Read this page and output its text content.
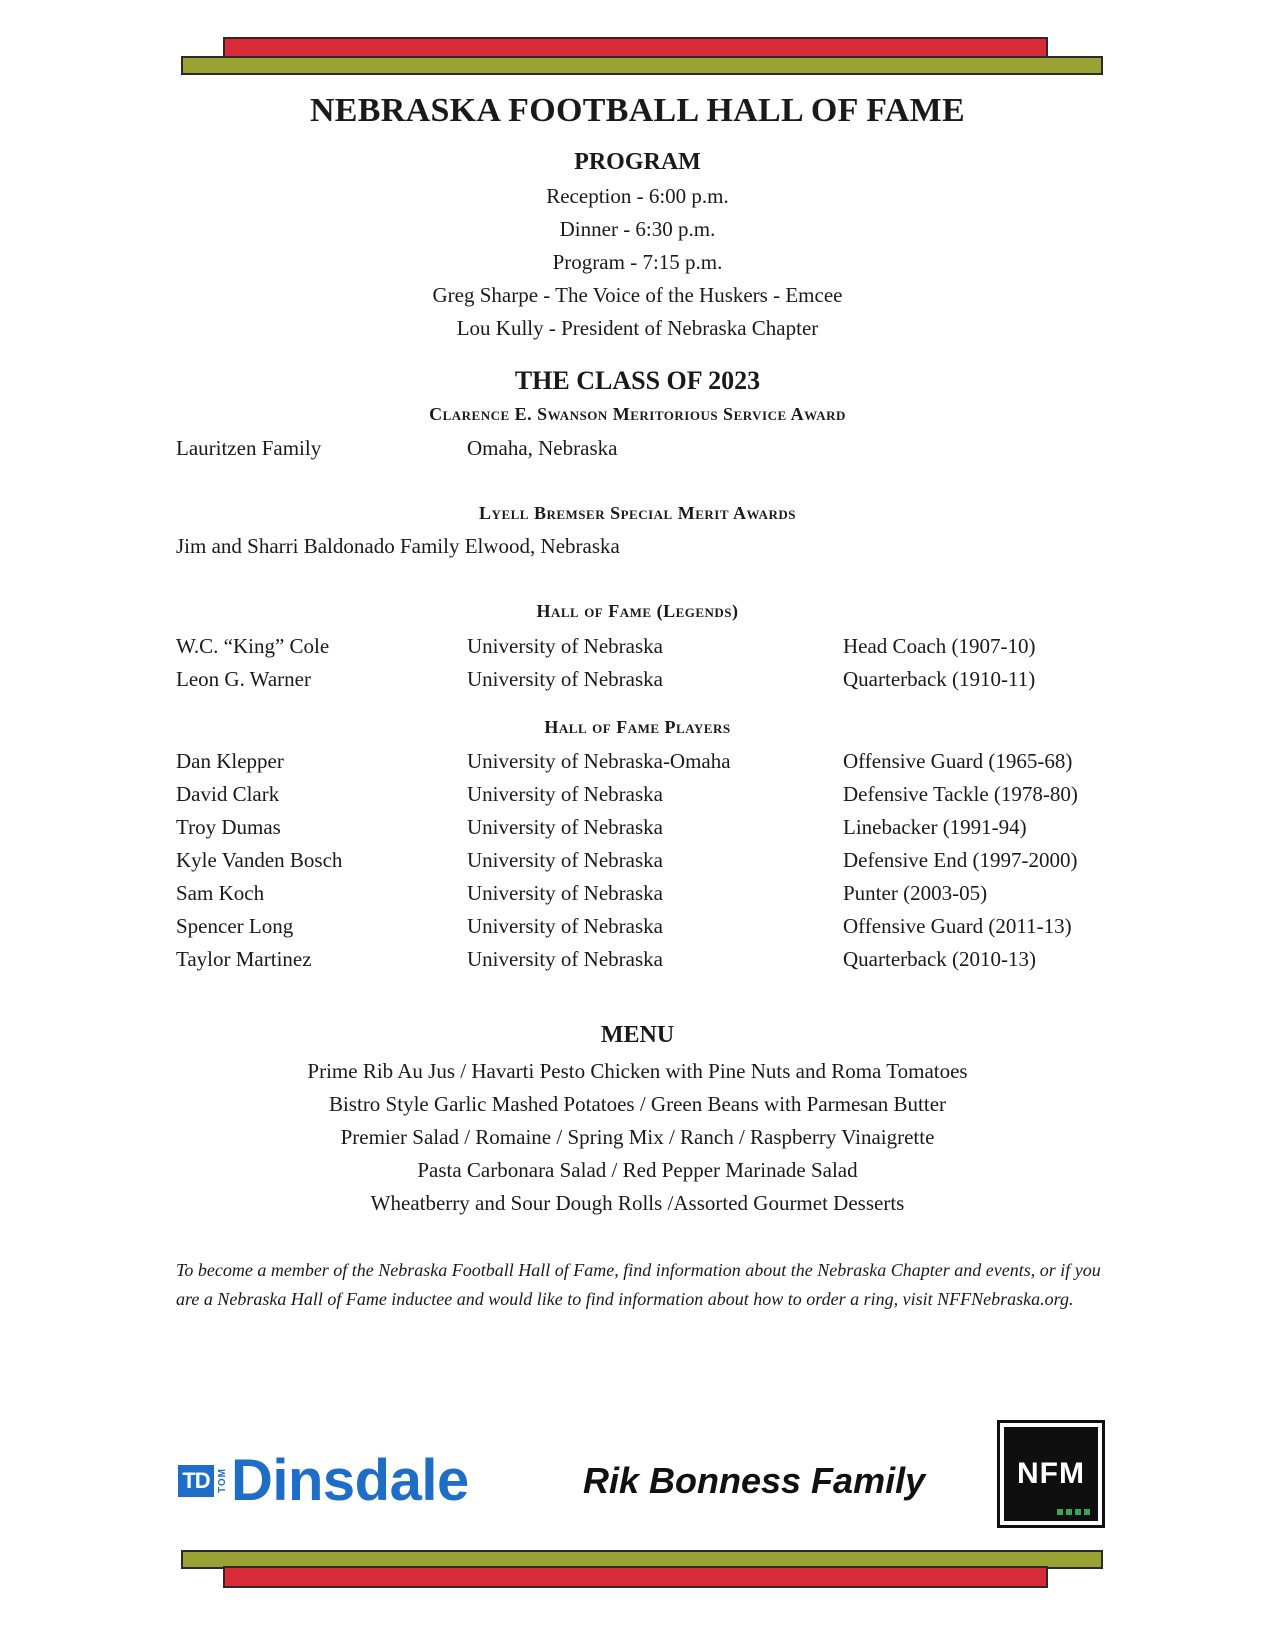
NEBRASKA FOOTBALL HALL OF FAME
PROGRAM
Reception - 6:00 p.m.
Dinner - 6:30 p.m.
Program - 7:15 p.m.
Greg Sharpe - The Voice of the Huskers - Emcee
Lou Kully - President of Nebraska Chapter
THE CLASS OF 2023
Clarence E. Swanson Meritorious Service Award
Lauritzen Family	Omaha, Nebraska
Lyell Bremser Special Merit Awards
Jim and Sharri Baldonado Family Elwood, Nebraska
Hall of Fame (Legends)
W.C. “King” Cole	University of Nebraska	Head Coach (1907-10)
Leon G. Warner	University of Nebraska	Quarterback (1910-11)
Hall of Fame Players
Dan Klepper	University of Nebraska-Omaha	Offensive Guard (1965-68)
David Clark	University of Nebraska	Defensive Tackle (1978-80)
Troy Dumas	University of Nebraska	Linebacker (1991-94)
Kyle Vanden Bosch	University of Nebraska	Defensive End (1997-2000)
Sam Koch	University of Nebraska	Punter (2003-05)
Spencer Long	University of Nebraska	Offensive Guard (2011-13)
Taylor Martinez	University of Nebraska	Quarterback (2010-13)
MENU
Prime Rib Au Jus / Havarti Pesto Chicken with Pine Nuts and Roma Tomatoes
Bistro Style Garlic Mashed Potatoes / Green Beans with Parmesan Butter
Premier Salad / Romaine / Spring Mix / Ranch / Raspberry Vinaigrette
Pasta Carbonara Salad / Red Pepper Marinade Salad
Wheatberry and Sour Dough Rolls /Assorted Gourmet Desserts
To become a member of the Nebraska Football Hall of Fame, find information about the Nebraska Chapter and events, or if you are a Nebraska Hall of Fame inductee and would like to find information about how to order a ring, visit NFFNebraska.org.
TD TOM Dinsdale	Rik Bonness Family	NFM
